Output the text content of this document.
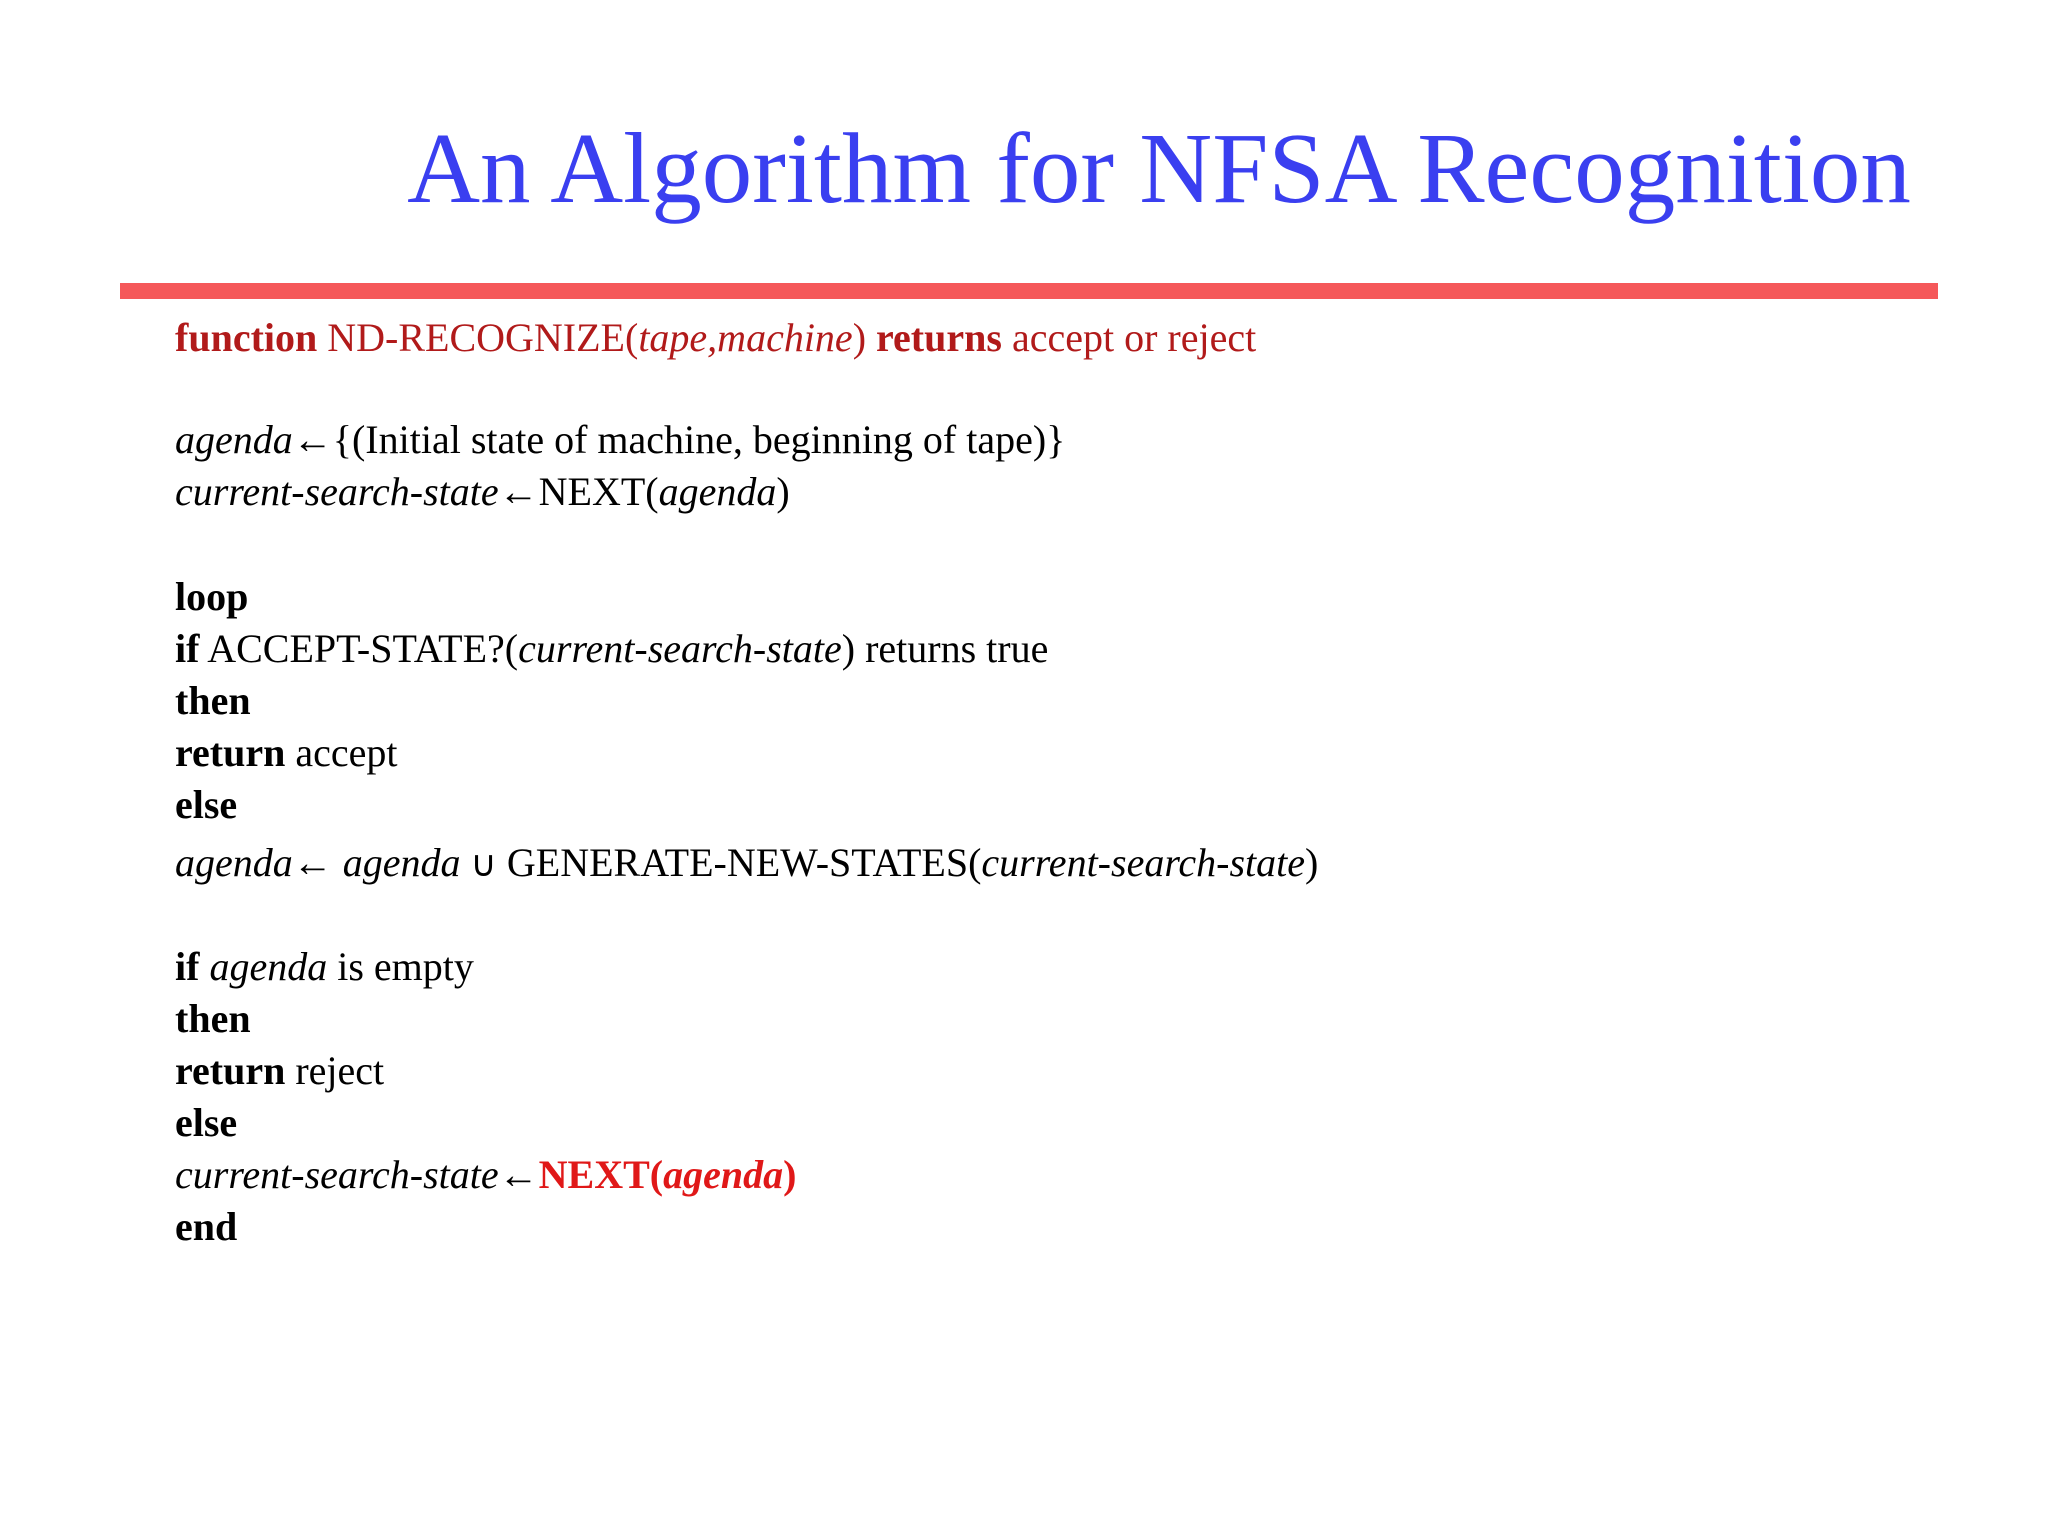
An Algorithm for NFSA Recognition
function ND-RECOGNIZE(tape,machine) returns accept or reject
agenda←{(Initial state of machine, beginning of tape)}
current-search-state←NEXT(agenda)
loop
if ACCEPT-STATE?(current-search-state) returns true
then
return accept
else
agenda← agenda ∪ GENERATE-NEW-STATES(current-search-state)
if agenda is empty
then
return reject
else
current-search-state←NEXT(agenda)
end
